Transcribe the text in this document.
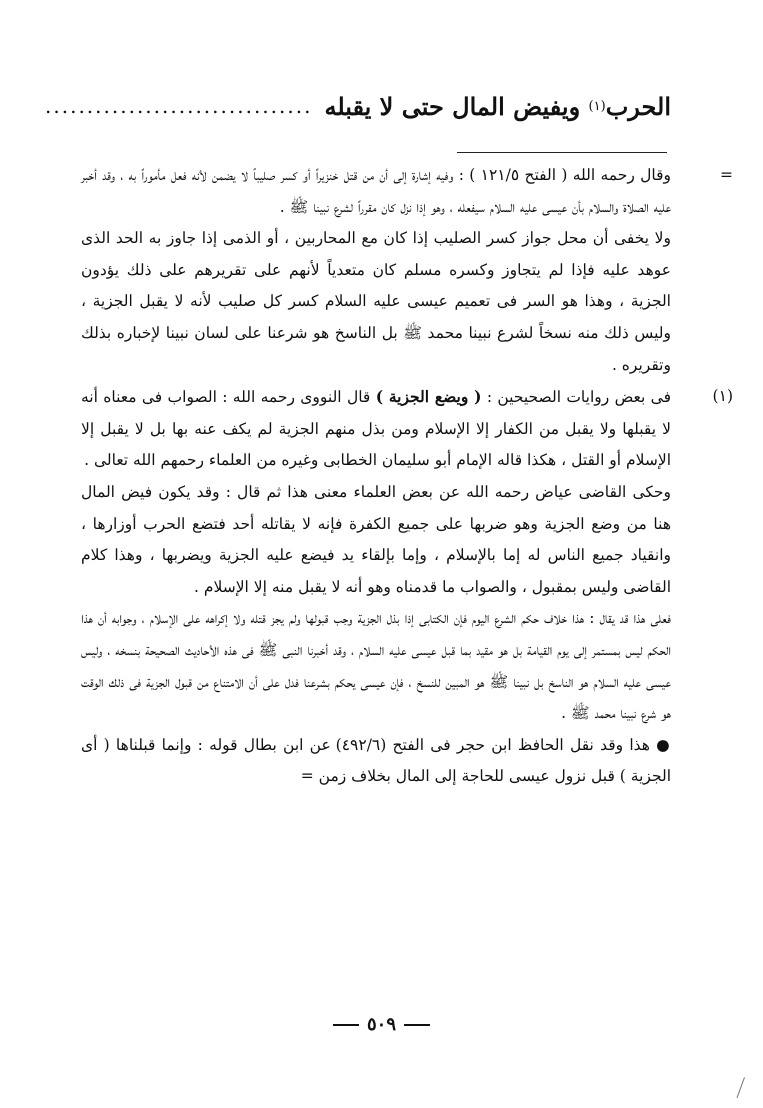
الحرب
(١)

ويفيض المال حتى لا يقبله
................................

=
وقال رحمه الله ( الفتح ١٢١/٥ ) : وفيه إشارة إلى أن من قتل خنزيراً أو كسر صليباً لا يضمن لأنه فعل مأموراً به ، وقد أخبر عليه الصلاة والسلام بأن عيسى عليه السلام سيفعله ، وهو إذا نزل كان مقرراً لشرع نبينا ﷺ .

ولا يخفى أن محل جواز كسر الصليب إذا كان مع المحاربين ، أو الذمى إذا جاوز به الحد الذى عوهد عليه فإذا لم يتجاوز وكسره مسلم كان متعدياً لأنهم على تقريرهم على ذلك يؤدون الجزية ، وهذا هو السر فى تعميم عيسى عليه السلام كسر كل صليب لأنه لا يقبل الجزية ، وليس ذلك منه نسخاً لشرع نبينا محمد ﷺ بل الناسخ هو شرعنا على لسان نبينا لإخباره بذلك وتقريره .

(١)
فى بعض روايات الصحيحين : ( ويضع الجزية ) قال النووى رحمه الله : الصواب فى معناه أنه لا يقبلها ولا يقبل من الكفار إلا الإسلام ومن بذل منهم الجزية لم يكف عنه بها بل لا يقبل إلا الإسلام أو القتل ، هكذا قاله الإمام أبو سليمان الخطابى وغيره من العلماء رحمهم الله تعالى .

وحكى القاضى عياض رحمه الله عن بعض العلماء معنى هذا ثم قال : وقد يكون فيض المال هنا من وضع الجزية وهو ضربها على جميع الكفرة فإنه لا يقاتله أحد فتضع الحرب أوزارها ، وانقياد جميع الناس له إما بالإسلام ، وإما بإلقاء يد فيضع عليه الجزية ويضربها ، وهذا كلام القاضى وليس بمقبول ، والصواب ما قدمناه وهو أنه لا يقبل منه إلا الإسلام .

فعلى هذا قد يقال : هذا خلاف حكم الشرع اليوم فإن الكتابى إذا بذل الجزية وجب قبولها ولم يجز قتله ولا إكراهه على الإسلام ، وجوابه أن هذا الحكم ليس بمستمر إلى يوم القيامة بل هو مقيد بما قبل عيسى عليه السلام ، وقد أخبرنا النبى ﷺ فى هذه الأحاديث الصحيحة بنسخه ، وليس عيسى عليه السلام هو الناسخ بل نبينا ﷺ هو المبين للنسخ ، فإن عيسى يحكم بشرعنا فدل على أن الامتناع من قبول الجزية فى ذلك الوقت هو شرع نبينا محمد ﷺ .

● هذا وقد نقل الحافظ ابن حجر فى الفتح (٤٩٢/٦) عن ابن بطال قوله : وإنما قبلناها ( أى الجزية ) قبل نزول عيسى للحاجة إلى المال بخلاف زمن =

٥٠٩
